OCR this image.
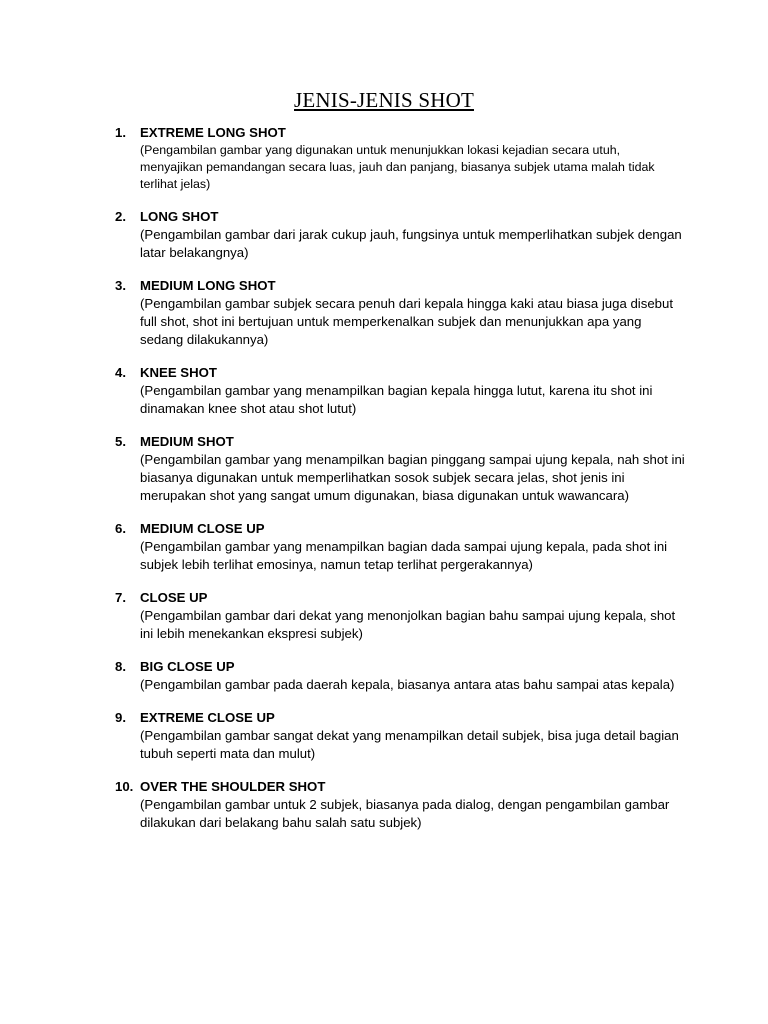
JENIS-JENIS SHOT
1. EXTREME LONG SHOT
(Pengambilan gambar yang digunakan untuk menunjukkan lokasi kejadian secara utuh, menyajikan pemandangan secara luas, jauh dan panjang, biasanya subjek utama malah tidak terlihat jelas)
2. LONG SHOT
(Pengambilan gambar dari jarak cukup jauh, fungsinya untuk memperlihatkan subjek dengan latar belakangnya)
3. MEDIUM LONG SHOT
(Pengambilan gambar subjek secara penuh dari kepala hingga kaki atau biasa juga disebut full shot, shot ini bertujuan untuk memperkenalkan subjek dan menunjukkan apa yang sedang dilakukannya)
4. KNEE SHOT
(Pengambilan gambar yang menampilkan bagian kepala hingga lutut, karena itu shot ini dinamakan knee shot atau shot lutut)
5. MEDIUM SHOT
(Pengambilan gambar yang menampilkan bagian pinggang sampai ujung kepala, nah shot ini biasanya digunakan untuk memperlihatkan sosok subjek secara jelas, shot jenis ini merupakan shot yang sangat umum digunakan, biasa digunakan untuk wawancara)
6. MEDIUM CLOSE UP
(Pengambilan gambar yang menampilkan bagian dada sampai ujung kepala, pada shot ini subjek lebih terlihat emosinya, namun tetap terlihat pergerakannya)
7. CLOSE UP
(Pengambilan gambar dari dekat yang menonjolkan bagian bahu sampai ujung kepala, shot ini lebih menekankan ekspresi subjek)
8. BIG CLOSE UP
(Pengambilan gambar pada daerah kepala, biasanya antara atas bahu sampai atas kepala)
9. EXTREME CLOSE UP
(Pengambilan gambar sangat dekat yang menampilkan detail subjek, bisa juga detail bagian tubuh seperti mata dan mulut)
10. OVER THE SHOULDER SHOT
(Pengambilan gambar untuk 2 subjek, biasanya pada dialog, dengan pengambilan gambar dilakukan dari belakang bahu salah satu subjek)
